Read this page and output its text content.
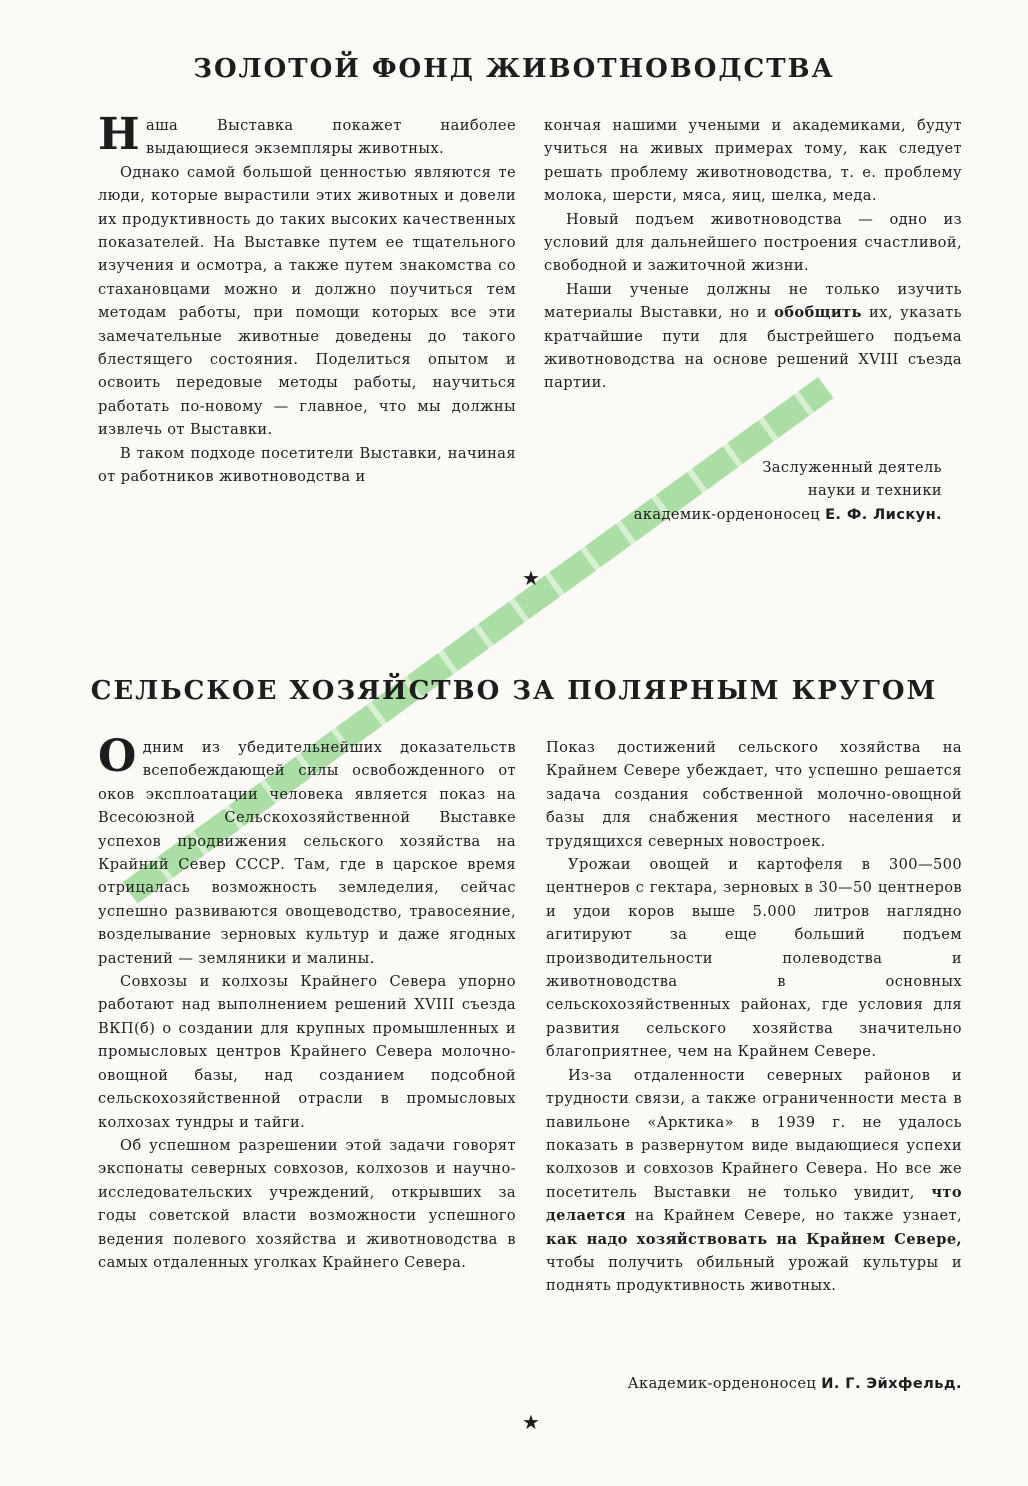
ЗОЛОТОЙ ФОНД ЖИВОТНОВОДСТВА

Наша Выставка покажет наиболее выдающиеся экземпляры животных.

Однако самой большой ценностью являются те люди, которые вырастили этих животных и довели их продуктивность до таких высоких качественных показателей. На Выставке путем ее тщательного изучения и осмотра, а также путем знакомства со стахановцами можно и должно поучиться тем методам работы, при помощи которых все эти замечательные животные доведены до такого блестящего состояния. Поделиться опытом и освоить передовые методы работы, научиться работать по-новому — главное, что мы должны извлечь от Выставки.

В таком подходе посетители Выставки, начиная от работников животноводства и

кончая нашими учеными и академиками, будут учиться на живых примерах тому, как следует решать проблему животноводства, т. е. проблему молока, шерсти, мяса, яиц, шелка, меда.

Новый подъем животноводства — одно из условий для дальнейшего построения счастливой, свободной и зажиточной жизни.

Наши ученые должны не только изучить материалы Выставки, но и обобщить их, указать кратчайшие пути для быстрейшего подъема животноводства на основе решений XVIII съезда партии.

Заслуженный деятель
науки и техники
академик-орденоносец Е. Ф. Лискун.
★
СЕЛЬСКОЕ ХОЗЯЙСТВО ЗА ПОЛЯРНЫМ КРУГОМ

Одним из убедительнейших доказательств всепобеждающей силы освобожденного от оков эксплоатации человека является показ на Всесоюзной Сельскохозяйственной Выставке успехов продвижения сельского хозяйства на Крайний Север СССР. Там, где в царское время отрицалась возможность земледелия, сейчас успешно развиваются овощеводство, травосеяние, возделывание зерновых культур и даже ягодных растений — земляники и малины.

Совхозы и колхозы Крайнего Севера упорно работают над выполнением решений XVIII съезда ВКП(б) о создании для крупных промышленных и промысловых центров Крайнего Севера молочно-овощной базы, над созданием подсобной сельскохозяйственной отрасли в промысловых колхозах тундры и тайги.

Об успешном разрешении этой задачи говорят экспонаты северных совхозов, колхозов и научно-исследовательских учреждений, открывших за годы советской власти возможности успешного ведения полевого хозяйства и животноводства в самых отдаленных уголках Крайнего Севера.

Показ достижений сельского хозяйства на Крайнем Севере убеждает, что успешно решается задача создания собственной молочно-овощной базы для снабжения местного населения и трудящихся северных новостроек.

Урожаи овощей и картофеля в 300—500 центнеров с гектара, зерновых в 30—50 центнеров и удои коров выше 5.000 литров наглядно агитируют за еще больший подъем производительности полеводства и животноводства в основных сельскохозяйственных районах, где условия для развития сельского хозяйства значительно благоприятнее, чем на Крайнем Севере.

Из-за отдаленности северных районов и трудности связи, а также ограниченности места в павильоне «Арктика» в 1939 г. не удалось показать в развернутом виде выдающиеся успехи колхозов и совхозов Крайнего Севера. Но все же посетитель Выставки не только увидит, что делается на Крайнем Севере, но также узнает, как надо хозяйствовать на Крайнем Севере, чтобы получить обильный урожай культуры и поднять продуктивность животных.

Академик-орденоносец И. Г. Эйхфельд.
★
